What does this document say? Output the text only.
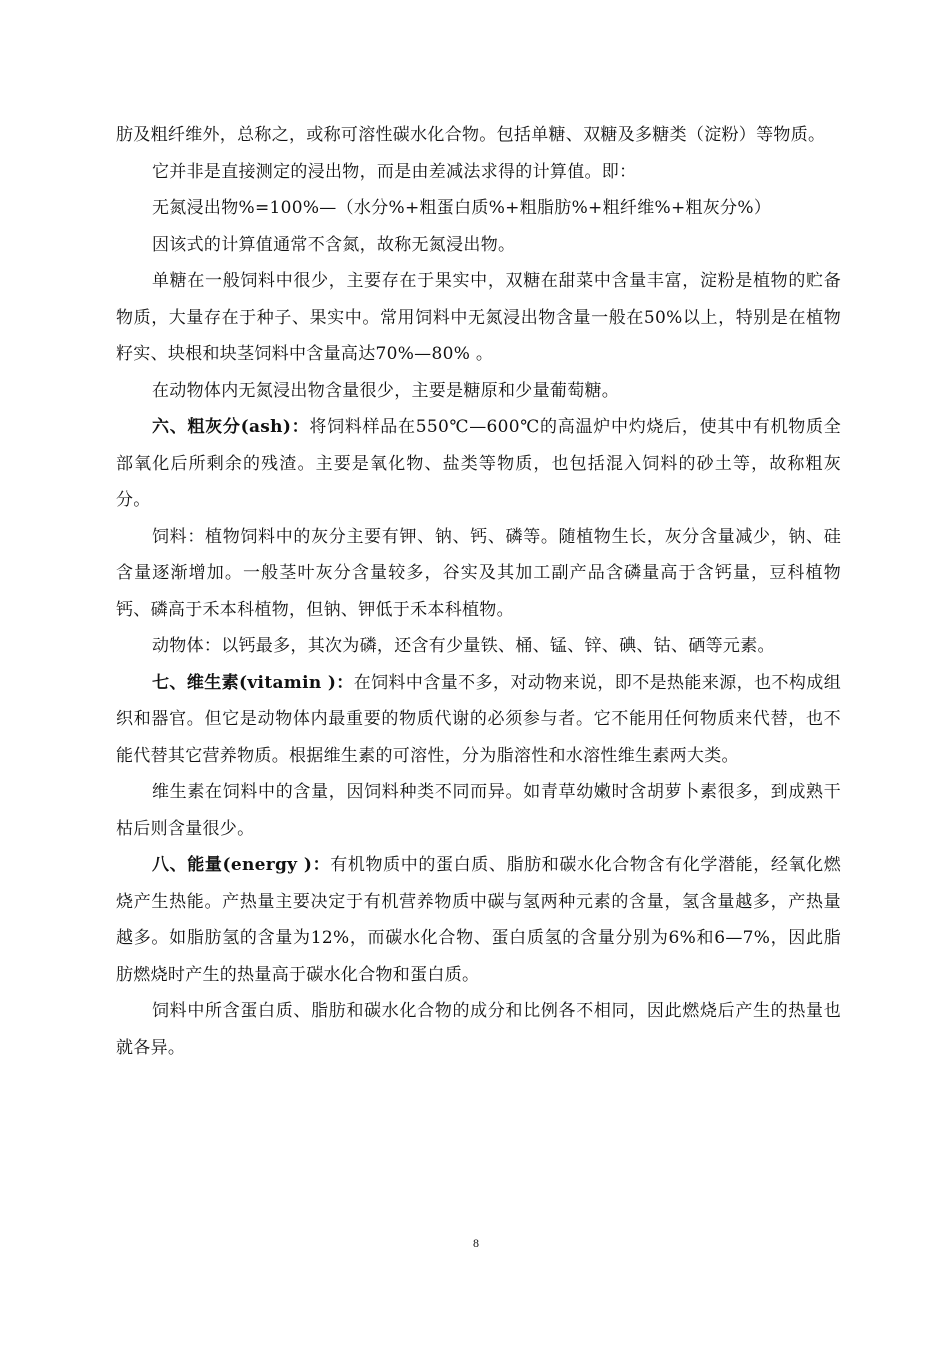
肪及粗纤维外，总称之，或称可溶性碳水化合物。包括单糖、双糖及多糖类（淀粉）等物质。

它并非是直接测定的浸出物，而是由差减法求得的计算值。即：

无氮浸出物%=100%—（水分%+粗蛋白质%+粗脂肪%+粗纤维%+粗灰分%）

因该式的计算值通常不含氮，故称无氮浸出物。

单糖在一般饲料中很少，主要存在于果实中，双糖在甜菜中含量丰富，淀粉是植物的贮备物质，大量存在于种子、果实中。常用饲料中无氮浸出物含量一般在50%以上，特别是在植物籽实、块根和块茎饲料中含量高达70%—80% 。

在动物体内无氮浸出物含量很少，主要是糖原和少量葡萄糖。

六、粗灰分(ash)：将饲料样品在550℃—600℃的高温炉中灼烧后，使其中有机物质全部氧化后所剩余的残渣。主要是氧化物、盐类等物质，也包括混入饲料的砂土等，故称粗灰分。

饲料：植物饲料中的灰分主要有钾、钠、钙、磷等。随植物生长，灰分含量减少，钠、硅含量逐渐增加。一般茎叶灰分含量较多，谷实及其加工副产品含磷量高于含钙量，豆科植物钙、磷高于禾本科植物，但钠、钾低于禾本科植物。

动物体：以钙最多，其次为磷，还含有少量铁、桶、锰、锌、碘、钴、硒等元素。

七、维生素(vitamin )：在饲料中含量不多，对动物来说，即不是热能来源，也不构成组织和器官。但它是动物体内最重要的物质代谢的必须参与者。它不能用任何物质来代替，也不能代替其它营养物质。根据维生素的可溶性，分为脂溶性和水溶性维生素两大类。

维生素在饲料中的含量，因饲料种类不同而异。如青草幼嫩时含胡萝卜素很多，到成熟干枯后则含量很少。

八、能量(energy )：有机物质中的蛋白质、脂肪和碳水化合物含有化学潜能，经氧化燃烧产生热能。产热量主要决定于有机营养物质中碳与氢两种元素的含量，氢含量越多，产热量越多。如脂肪氢的含量为12%，而碳水化合物、蛋白质氢的含量分别为6%和6—7%，因此脂肪燃烧时产生的热量高于碳水化合物和蛋白质。

饲料中所含蛋白质、脂肪和碳水化合物的成分和比例各不相同，因此燃烧后产生的热量也就各异。

8
